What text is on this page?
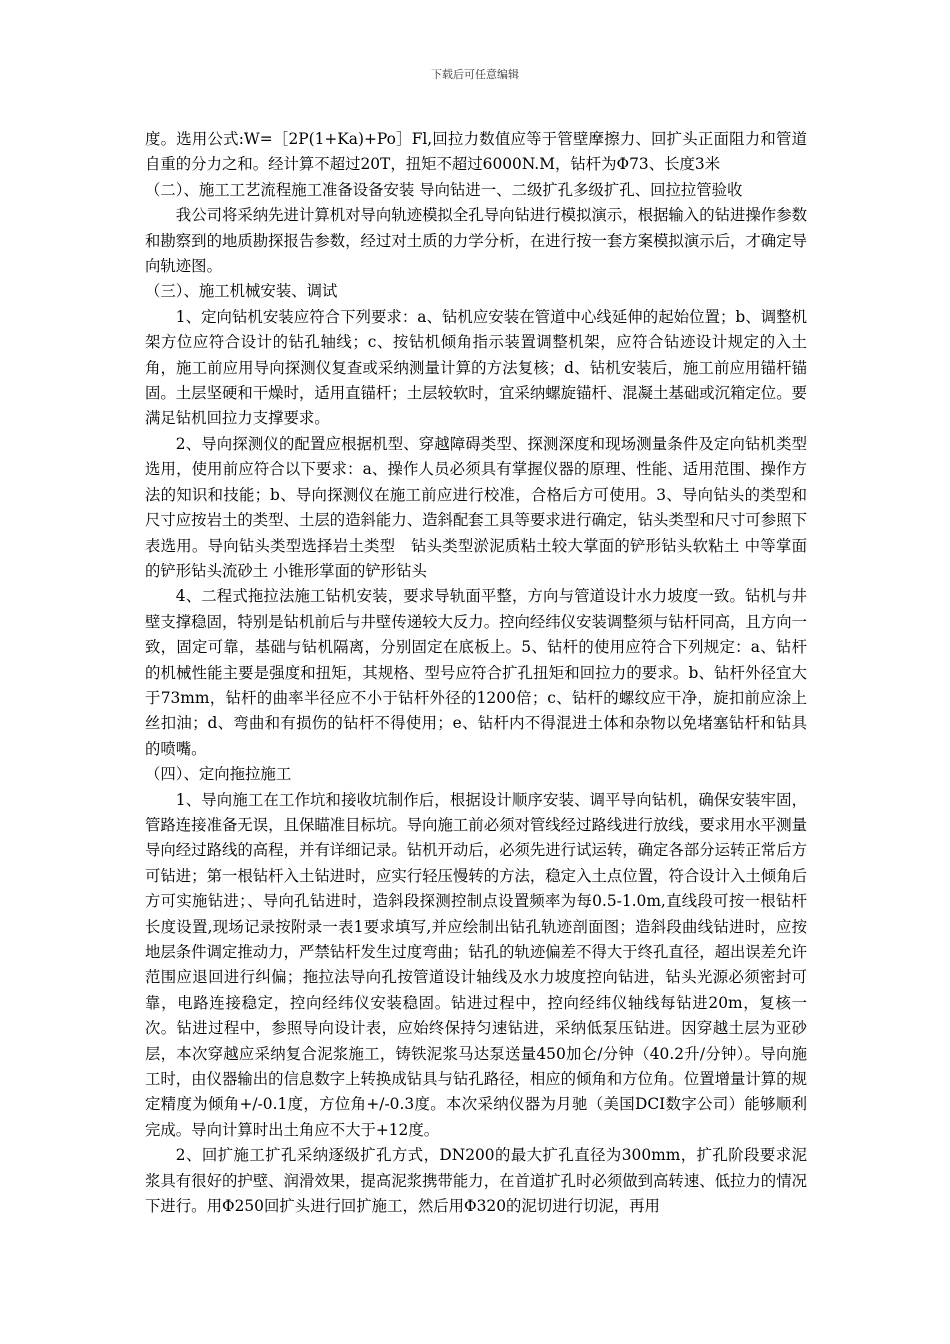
下载后可任意编辑

度。选用公式:W=［2P(1+Ka)+Po］Fl,回拉力数值应等于管壁摩擦力、回扩头正面阻力和管道自重的分力之和。经计算不超过20T，扭矩不超过6000N.M，钻杆为Φ73、长度3米

（二）、施工工艺流程施工准备设备安装 导向钻进一、二级扩孔多级扩孔、回拉拉管验收

我公司将采纳先进计算机对导向轨迹模拟全孔导向钻进行模拟演示，根据输入的钻进操作参数和勘察到的地质勘探报告参数，经过对土质的力学分析，在进行按一套方案模拟演示后，才确定导向轨迹图。

（三）、施工机械安装、调试

1、定向钻机安装应符合下列要求：a、钻机应安装在管道中心线延伸的起始位置；b、调整机架方位应符合设计的钻孔轴线；c、按钻机倾角指示装置调整机架，应符合钻迹设计规定的入土角，施工前应用导向探测仪复查或采纳测量计算的方法复核；d、钻机安装后，施工前应用锚杆锚固。土层坚硬和干燥时，适用直锚杆；土层较软时，宜采纳螺旋锚杆、混凝土基础或沉箱定位。要满足钻机回拉力支撑要求。

2、导向探测仪的配置应根据机型、穿越障碍类型、探测深度和现场测量条件及定向钻机类型选用，使用前应符合以下要求：a、操作人员必须具有掌握仪器的原理、性能、适用范围、操作方法的知识和技能；b、导向探测仪在施工前应进行校准，合格后方可使用。3、导向钻头的类型和尺寸应按岩土的类型、土层的造斜能力、造斜配套工具等要求进行确定，钻头类型和尺寸可参照下表选用。导向钻头类型选择岩土类型　钻头类型淤泥质粘土较大掌面的铲形钻头软粘土 中等掌面的铲形钻头流砂土 小锥形掌面的铲形钻头

4、二程式拖拉法施工钻机安装，要求导轨面平整，方向与管道设计水力坡度一致。钻机与井壁支撑稳固，特别是钻机前后与井壁传递较大反力。控向经纬仪安装调整须与钻杆同高，且方向一致，固定可靠，基础与钻机隔离，分别固定在底板上。5、钻杆的使用应符合下列规定：a、钻杆的机械性能主要是强度和扭矩，其规格、型号应符合扩孔扭矩和回拉力的要求。b、钻杆外径宜大于73mm，钻杆的曲率半径应不小于钻杆外径的1200倍；c、钻杆的螺纹应干净，旋扣前应涂上丝扣油；d、弯曲和有损伤的钻杆不得使用；e、钻杆内不得混进土体和杂物以免堵塞钻杆和钻具的喷嘴。

（四）、定向拖拉施工

1、导向施工在工作坑和接收坑制作后，根据设计顺序安装、调平导向钻机，确保安装牢固，管路连接准备无误，且保瞄准目标坑。导向施工前必须对管线经过路线进行放线，要求用水平测量导向经过路线的高程，并有详细记录。钻机开动后，必须先进行试运转，确定各部分运转正常后方可钻进；第一根钻杆入土钻进时，应实行轻压慢转的方法，稳定入土点位置，符合设计入土倾角后方可实施钻进；、导向孔钻进时，造斜段探测控制点设置频率为每0.5-1.0m,直线段可按一根钻杆长度设置,现场记录按附录一表1要求填写,并应绘制出钻孔轨迹剖面图；造斜段曲线钻进时，应按地层条件调定推动力，严禁钻杆发生过度弯曲；钻孔的轨迹偏差不得大于终孔直径，超出误差允许范围应退回进行纠偏；拖拉法导向孔按管道设计轴线及水力坡度控向钻进，钻头光源必须密封可靠，电路连接稳定，控向经纬仪安装稳固。钻进过程中，控向经纬仪轴线每钻进20m，复核一次。钻进过程中，参照导向设计表，应始终保持匀速钻进，采纳低泵压钻进。因穿越土层为亚砂层，本次穿越应采纳复合泥浆施工，铸铁泥浆马达泵送量450加仑/分钟（40.2升/分钟）。导向施工时，由仪器输出的信息数字上转换成钻具与钻孔路径，相应的倾角和方位角。位置增量计算的规定精度为倾角+/-0.1度，方位角+/-0.3度。本次采纳仪器为月驰（美国DCI数字公司）能够顺利完成。导向计算时出土角应不大于+12度。

2、回扩施工扩孔采纳逐级扩孔方式，DN200的最大扩孔直径为300mm，扩孔阶段要求泥浆具有很好的护壁、润滑效果，提高泥浆携带能力，在首道扩孔时必须做到高转速、低拉力的情况下进行。用Φ250回扩头进行回扩施工，然后用Φ320的泥切进行切泥，再用
